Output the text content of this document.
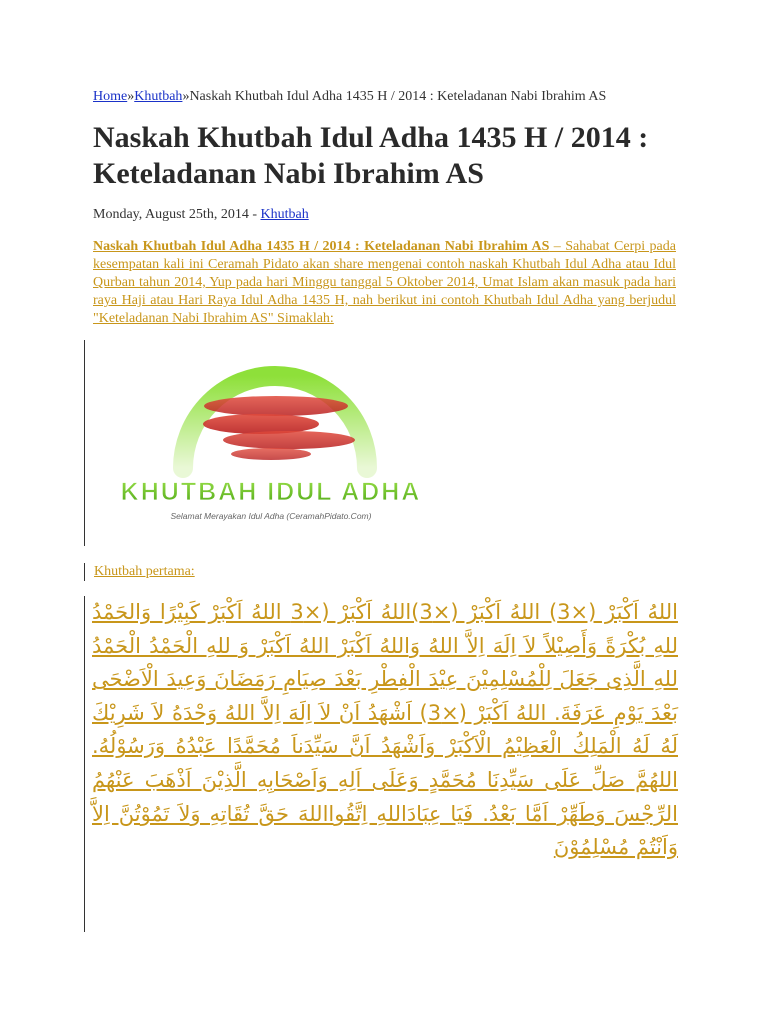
Home»Khutbah»Naskah Khutbah Idul Adha 1435 H / 2014 : Keteladanan Nabi Ibrahim AS
Naskah Khutbah Idul Adha 1435 H / 2014 : Keteladanan Nabi Ibrahim AS
Monday, August 25th, 2014 - Khutbah

Naskah Khutbah Idul Adha 1435 H / 2014 : Keteladanan Nabi Ibrahim AS – Sahabat Cerpi pada kesempatan kali ini Ceramah Pidato akan share mengenai contoh naskah Khutbah Idul Adha atau Idul Qurban tahun 2014, Yup pada hari Minggu tanggal 5 Oktober 2014, Umat Islam akan masuk pada hari raya Haji atau Hari Raya Idul Adha 1435 H, nah berikut ini contoh Khutbah Idul Adha yang berjudul "Keteladanan Nabi Ibrahim AS" Simaklah:

KHUTBAH IDUL ADHA
Selamat Merayakan Idul Adha (CeramahPidato.Com)
Khutbah pertama:
اللهُ اَكْبَرْ (×3) اللهُ اَكْبَرْ (×3)اللهُ اَكْبَرْ (×3 اللهُ اَكْبَرْ كَبِيْرًا وَالحَمْدُ للهِ بُكْرَةً وَأَصِيْلاً لاَ اِلَهَ اِلاَّ اللهُ وَاللهُ اَكْبَرْ اللهُ اَكْبَرْ وَ للهِ الْحَمْدُ الْحَمْدُ للهِ الَّذِى جَعَلَ لِلْمُسْلِمِيْنَ عِيْدَ الْفِطْرِ بَعْدَ صِيَامِ رَمَضَانَ وَعِيدَ الْاَضْحَى بَعْدَ يَوْمِ عَرَفَةَ. اللهُ اَكْبَرْ (×3) اَشْهَدُ اَنْ لاَ اِلَهَ اِلاَّ اللهُ وَحْدَهُ لاَ شَرِيْكَ لَهُ لَهُ الْمَلِكُ الْعَظِيْمُ الْاَكْبَرْ وَاَشْهَدُ اَنَّ سَيِّدَناَ مُحَمَّدًا عَبْدُهُ وَرَسُوْلُهُ. اللهُمَّ صَلِّ عَلَى سَيِّدِنَا مُحَمَّدٍ وَعَلَى اَلِهِ وَاَصْحَابِهِ الَّذِيْنَ اَذْهَبَ عَنْهُمُ الرِّجْسَ وَطَهِّرْ اَمَّا بَعْدُ. فَيَا عِبَادَاللهِ اِتَّقُوااللهَ حَقَّ تُقَاتِهِ وَلاَ تَمُوْتُنَّ اِلاَّ وَاَنْتُمْ مُسْلِمُوْنَ
